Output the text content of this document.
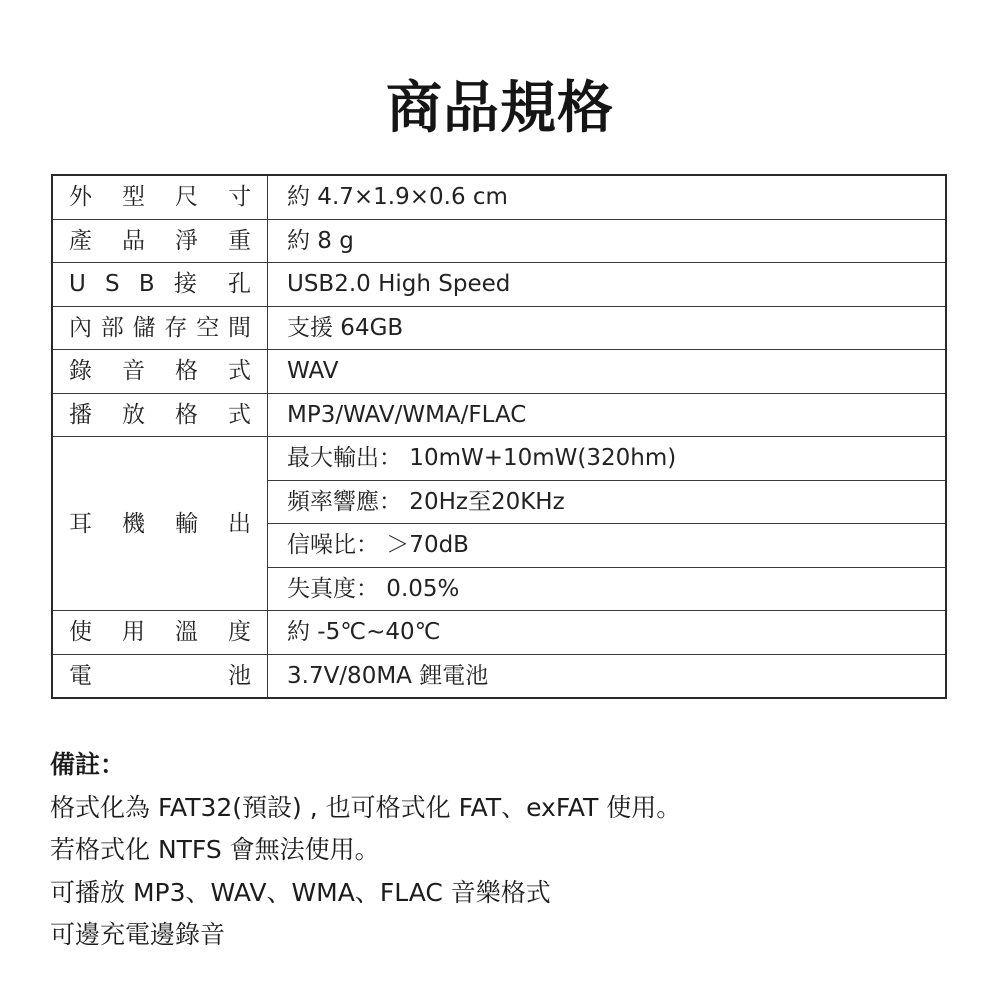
商品規格
外 型 尺 寸	約 4.7×1.9×0.6 cm

產 品 淨 重	約 8 g

U S B 接 孔	USB2.0 High Speed

內部儲存空間	支援 64GB

錄 音 格 式	WAV

播 放 格 式	MP3/WAV/WMA/FLAC

耳 機 輸 出	最大輸出： 10mW+10mW(320hm)
	頻率響應： 20Hz至20KHz
	信噪比： ＞70dB
	失真度： 0.05%

使 用 溫 度	約 -5℃~40℃

電 池	3.7V/80MA 鋰電池
備註：
格式化為 FAT32(預設) , 也可格式化 FAT、exFAT 使用。
若格式化 NTFS 會無法使用。
可播放 MP3、WAV、WMA、FLAC 音樂格式
可邊充電邊錄音
